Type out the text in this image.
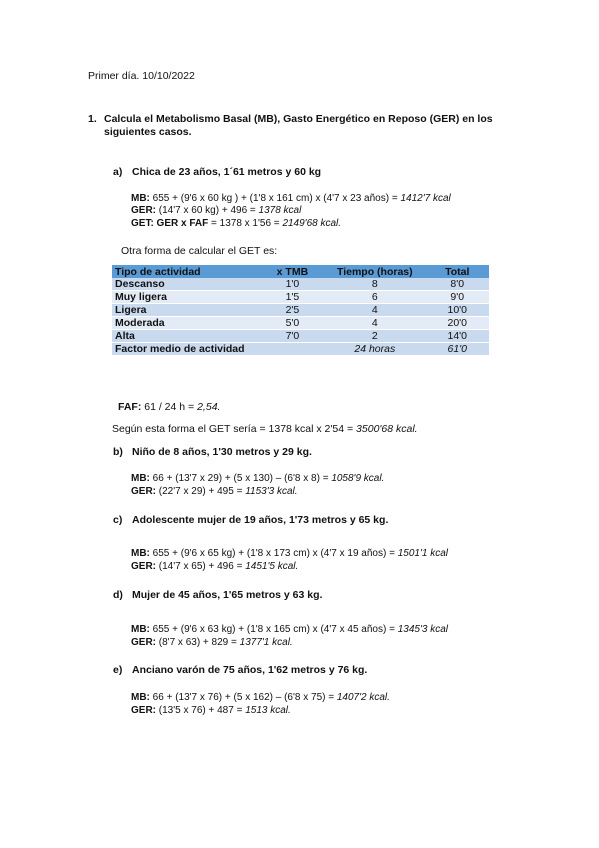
Primer día. 10/10/2022
1. Calcula el Metabolismo Basal (MB), Gasto Energético en Reposo (GER) en los
siguientes casos.
a) Chica de 23 años, 1´61 metros y 60 kg
MB: 655 + (9'6 x 60 kg ) + (1'8 x 161 cm) x (4'7 x 23 años) = 1412'7 kcal
GER: (14'7 x 60 kg) + 496 = 1378 kcal
GET: GER x FAF = 1378 x 1'56 = 2149'68 kcal.
Otra forma de calcular el GET es:
Tipo de actividad	x TMB	Tiempo (horas)	Total
Descanso	1'0	8	8'0
Muy ligera	1'5	6	9'0
Ligera	2'5	4	10'0
Moderada	5'0	4	20'0
Alta	7'0	2	14'0
Factor medio de actividad		24 horas	61'0
FAF: 61 / 24 h = 2,54.
Según esta forma el GET sería = 1378 kcal x 2'54 = 3500'68 kcal.
b) Niño de 8 años, 1'30 metros y 29 kg.
MB: 66 + (13'7 x 29) + (5 x 130) – (6'8 x 8) = 1058'9 kcal.
GER: (22'7 x 29) + 495 = 1153'3 kcal.
c) Adolescente mujer de 19 años, 1'73 metros y 65 kg.
MB: 655 + (9'6 x 65 kg) + (1'8 x 173 cm) x (4'7 x 19 años) = 1501'1 kcal
GER: (14'7 x 65) + 496 = 1451'5 kcal.
d) Mujer de 45 años, 1'65 metros y 63 kg.
MB: 655 + (9'6 x 63 kg) + (1'8 x 165 cm) x (4'7 x 45 años) = 1345'3 kcal
GER: (8'7 x 63) + 829 = 1377'1 kcal.
e) Anciano varón de 75 años, 1'62 metros y 76 kg.
MB: 66 + (13'7 x 76) + (5 x 162) – (6'8 x 75) = 1407'2 kcal.
GER: (13'5 x 76) + 487 = 1513 kcal.
